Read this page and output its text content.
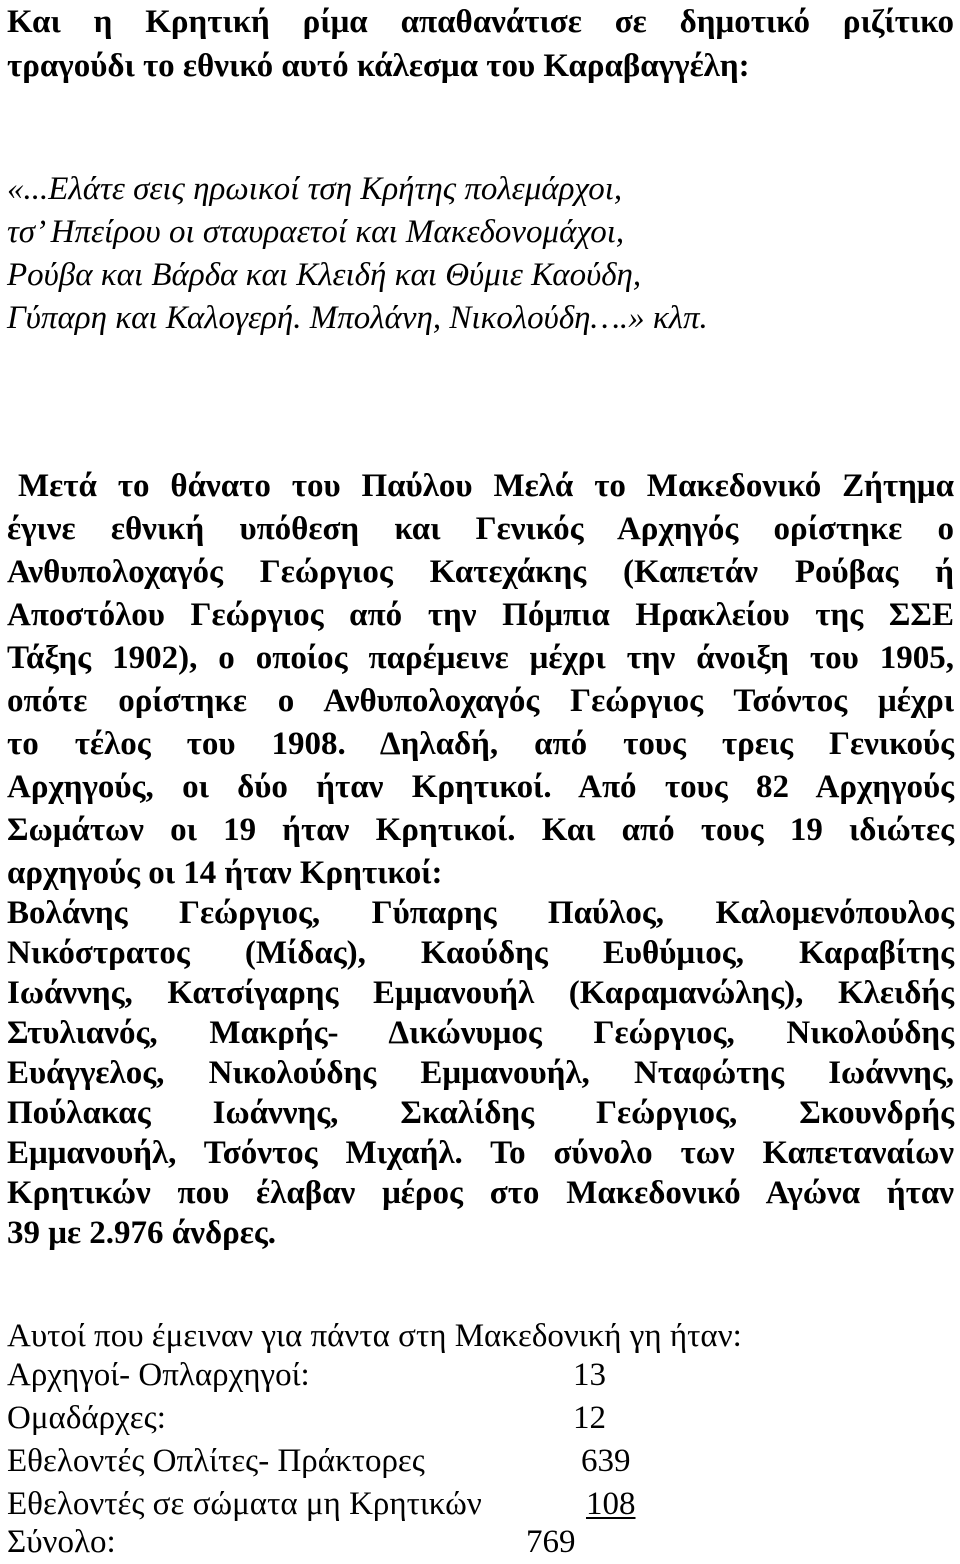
Και η Κρητική ρίμα απαθανάτισε σε δημοτικό ριζίτικο
τραγούδι το εθνικό αυτό κάλεσμα του Καραβαγγέλη:
«...Ελάτε σεις ηρωικοί τση Κρήτης πολεμάρχοι,
τσ’ Ηπείρου οι σταυραετοί και Μακεδονομάχοι,
Ρούβα και Βάρδα και Κλειδή και Θύμιε Καούδη,
Γύπαρη και Καλογερή. Μπολάνη, Νικολούδη….» κλπ.
Μετά το θάνατο του Παύλου Μελά το Μακεδονικό Ζήτημα
έγινε εθνική υπόθεση και Γενικός Αρχηγός ορίστηκε ο
Ανθυπολοχαγός Γεώργιος Κατεχάκης (Καπετάν Ρούβας ή
Αποστόλου Γεώργιος από την Πόμπια Ηρακλείου της ΣΣΕ
Τάξης 1902), ο οποίος παρέμεινε μέχρι την άνοιξη του 1905,
οπότε ορίστηκε ο Ανθυπολοχαγός Γεώργιος Τσόντος μέχρι
το τέλος του 1908. Δηλαδή, από τους τρεις Γενικούς
Αρχηγούς, οι δύο ήταν Κρητικοί. Από τους 82 Αρχηγούς
Σωμάτων οι 19 ήταν Κρητικοί. Και από τους 19 ιδιώτες
αρχηγούς οι 14 ήταν Κρητικοί:
Βολάνης Γεώργιος, Γύπαρης Παύλος, Καλομενόπουλος
Νικόστρατος (Μίδας), Καούδης Ευθύμιος, Καραβίτης
Ιωάννης, Κατσίγαρης Εμμανουήλ (Καραμανώλης), Κλειδής
Στυλιανός, Μακρής- Δικώνυμος Γεώργιος, Νικολούδης
Ευάγγελος, Νικολούδης Εμμανουήλ, Νταφώτης Ιωάννης,
Πούλακας Ιωάννης, Σκαλίδης Γεώργιος, Σκουνδρής
Εμμανουήλ, Τσόντος Μιχαήλ. Το σύνολο των Καπεταναίων
Κρητικών που έλαβαν μέρος στο Μακεδονικό Αγώνα ήταν
39 με 2.976 άνδρες.
Αυτοί που έμειναν για πάντα στη Μακεδονική γη ήταν:
Αρχηγοί- Οπλαρχηγοί:	13
Ομαδάρχες:	12
Εθελοντές Οπλίτες- Πράκτορες	639
Εθελοντές σε σώματα μη Κρητικών	108
Σύνολο:	769
